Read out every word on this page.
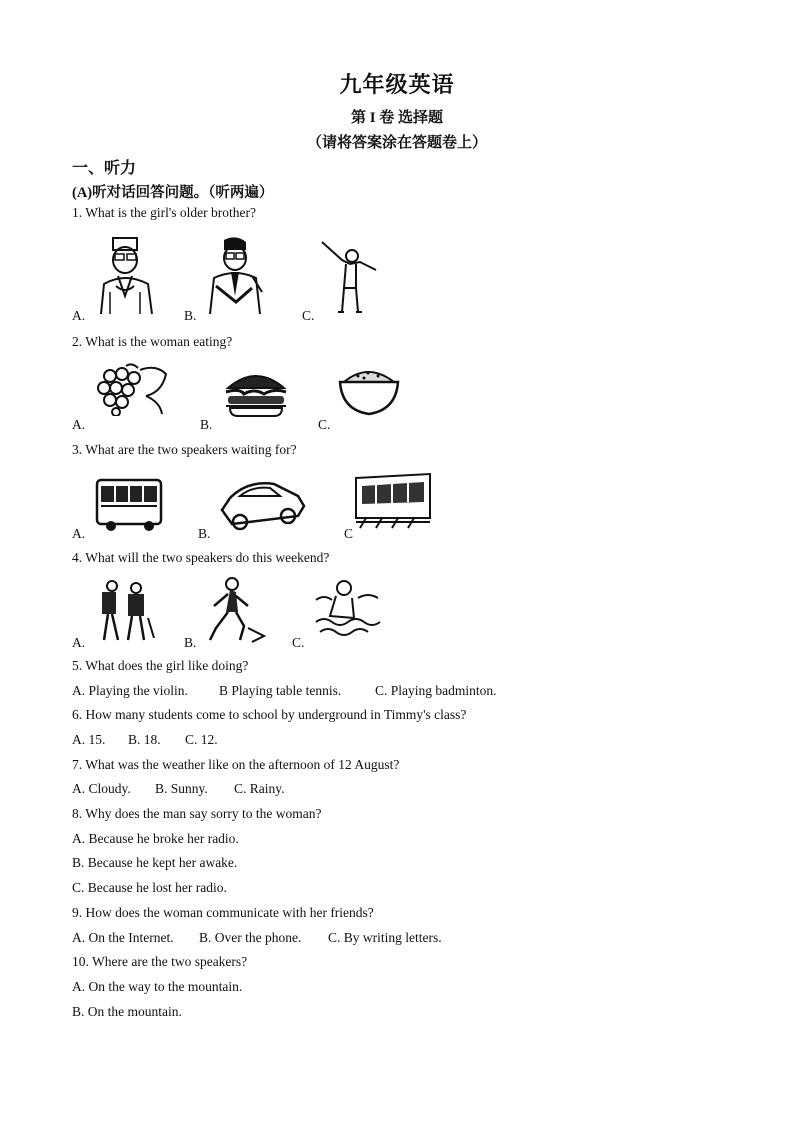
九年级英语
第 I 卷 选择题
（请将答案涂在答题卷上）
一、听力
(A)听对话回答问题。（听两遍）
1. What is the girl's older brother?
A.	B.	C.
2. What is the woman eating?
A.	B.	C.
3. What are the two speakers waiting for?
A.	B.	C
4. What will the two speakers do this weekend?
A.	B.	C.
5. What does the girl like doing?
A. Playing the violin. B Playing table tennis.	C. Playing badminton.
6. How many students come to school by underground in Timmy's class?
A. 15. B. 18. C. 12.
7. What was the weather like on the afternoon of 12 August?
A. Cloudy. B. Sunny. C. Rainy.
8. Why does the man say sorry to the woman?
A. Because he broke her radio.
B. Because he kept her awake.
C. Because he lost her radio.
9. How does the woman communicate with her friends?
A. On the Internet. B. Over the phone. C. By writing letters.
10. Where are the two speakers?
A. On the way to the mountain.
B. On the mountain.
